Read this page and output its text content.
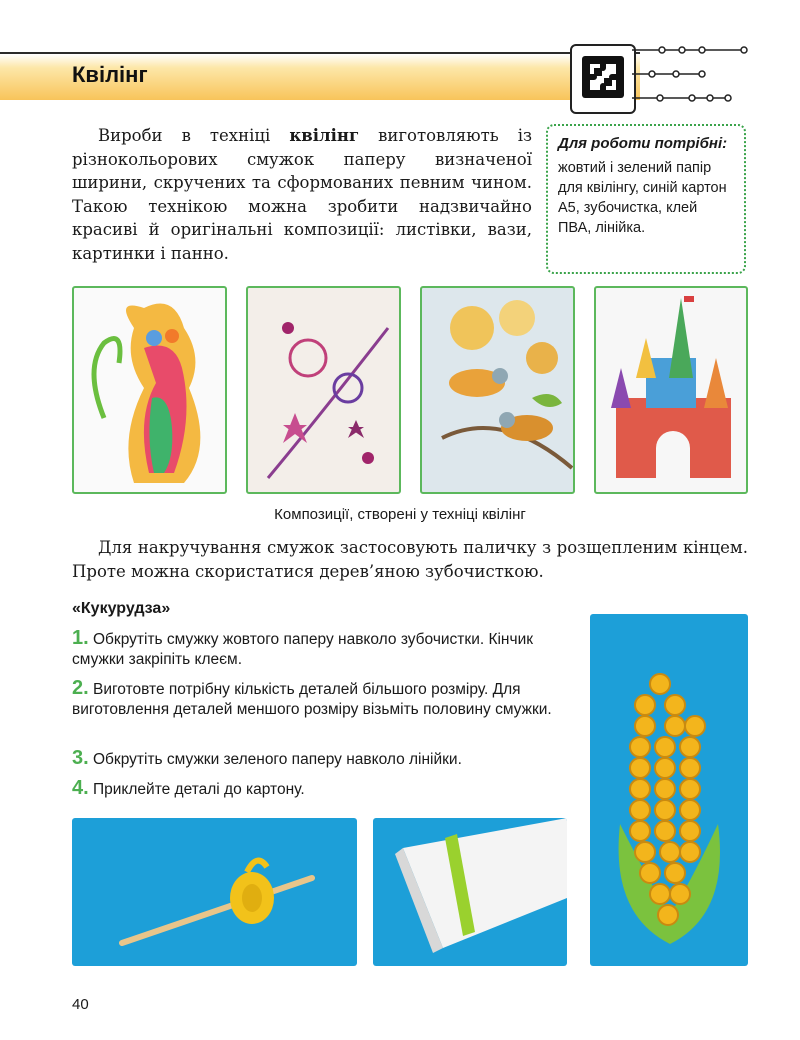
Квілінг
Вироби в техніці квілінг виготовляють із різнокольорових смужок паперу визначеної ширини, скручених та сформованих певним чином. Такою технікою можна зробити надзвичайно красиві й оригінальні композиції: листівки, вази, картинки і панно.
Для роботи потрібні:
жовтий і зелений папір для квілінгу, синій картон А5, зубочистка, клей ПВА, лінійка.
Композиції, створені у техніці квілінг
Для накручування смужок застосовують паличку з розщепленим кінцем. Проте можна скористатися дерев’яною зубочисткою.
«Кукурудза»
1. Обкрутіть смужку жовтого паперу навколо зубочистки. Кінчик смужки закріпіть клеєм.
2. Виготовте потрібну кількість деталей більшого розміру. Для виготовлення деталей меншого розміру візьміть половину смужки.
3. Обкрутіть смужки зеленого паперу навколо лінійки.
4. Приклейте деталі до картону.
40
